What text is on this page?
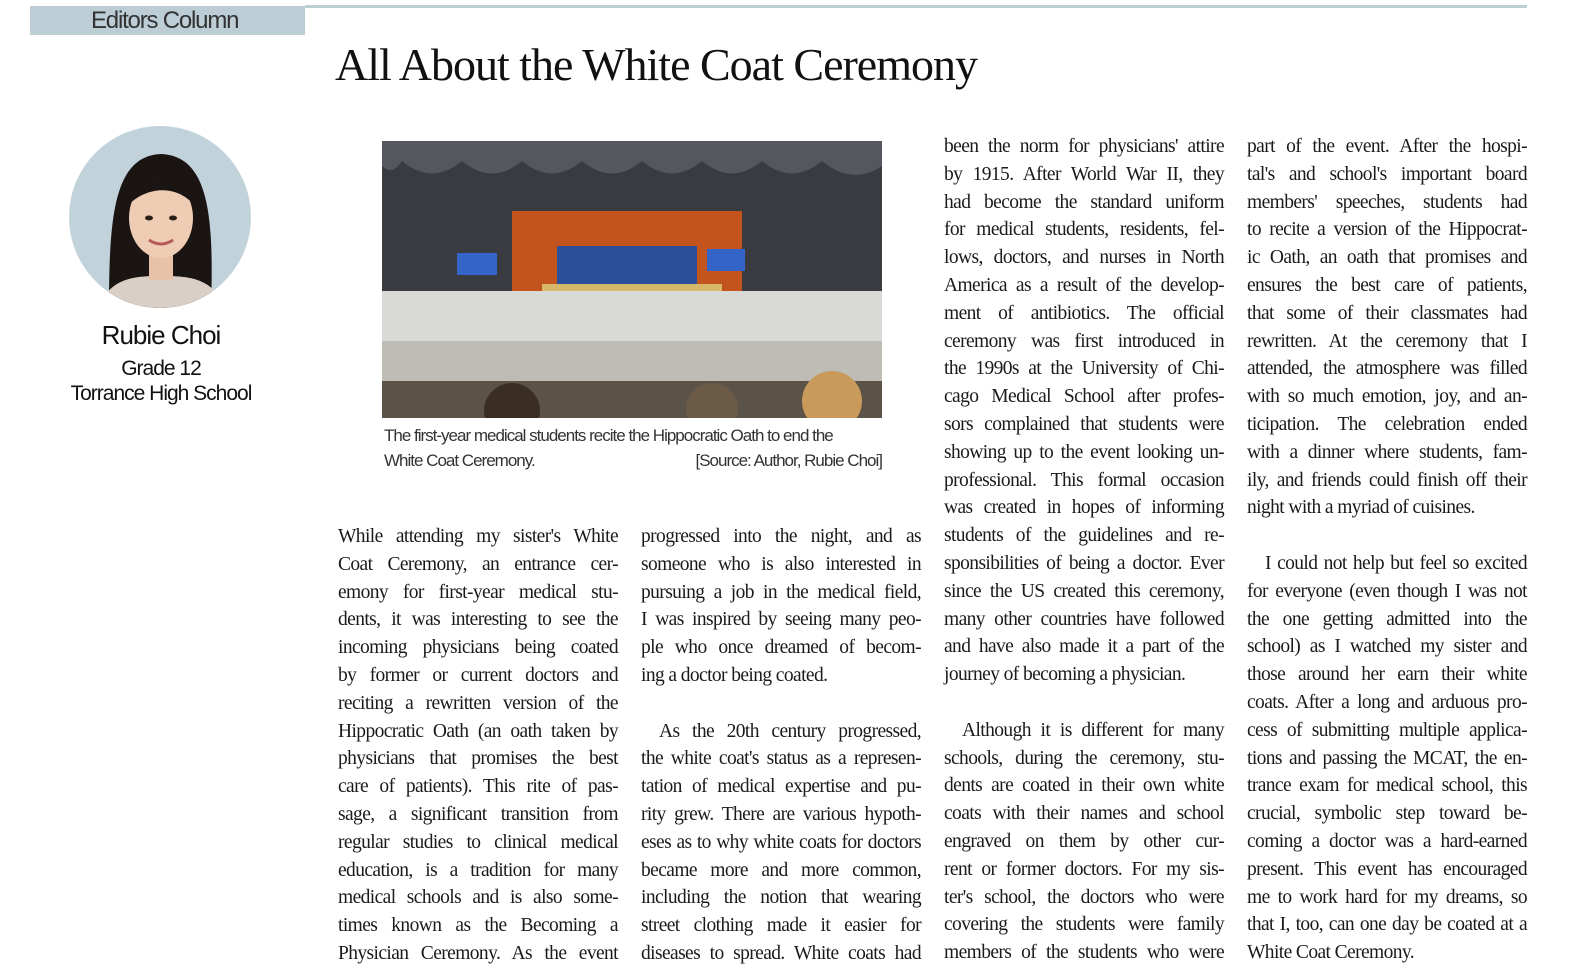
Editors Column
All About the White Coat Ceremony
Rubie Choi
Grade 12
Torrance High School
The first-year medical students recite the Hippocratic Oath to end the
White Coat Ceremony.	[Source: Author, Rubie Choi]
While attending my sister's White
Coat Ceremony, an entrance cer-
emony for first-year medical stu-
dents, it was interesting to see the
incoming physicians being coated
by former or current doctors and
reciting a rewritten version of the
Hippocratic Oath (an oath taken by
physicians that promises the best
care of patients). This rite of pas-
sage, a significant transition from
regular studies to clinical medical
education, is a tradition for many
medical schools and is also some-
times known as the Becoming a
Physician Ceremony. As the event
progressed into the night, and as
someone who is also interested in
pursuing a job in the medical field,
I was inspired by seeing many peo-
ple who once dreamed of becom-
ing a doctor being coated.
As the 20th century progressed,
the white coat's status as a represen-
tation of medical expertise and pu-
rity grew. There are various hypoth-
eses as to why white coats for doctors
became more and more common,
including the notion that wearing
street clothing made it easier for
diseases to spread. White coats had
been the norm for physicians' attire
by 1915. After World War II, they
had become the standard uniform
for medical students, residents, fel-
lows, doctors, and nurses in North
America as a result of the develop-
ment of antibiotics. The official
ceremony was first introduced in
the 1990s at the University of Chi-
cago Medical School after profes-
sors complained that students were
showing up to the event looking un-
professional. This formal occasion
was created in hopes of informing
students of the guidelines and re-
sponsibilities of being a doctor. Ever
since the US created this ceremony,
many other countries have followed
and have also made it a part of the
journey of becoming a physician.
Although it is different for many
schools, during the ceremony, stu-
dents are coated in their own white
coats with their names and school
engraved on them by other cur-
rent or former doctors. For my sis-
ter's school, the doctors who were
covering the students were family
members of the students who were
part of the event. After the hospi-
tal's and school's important board
members' speeches, students had
to recite a version of the Hippocrat-
ic Oath, an oath that promises and
ensures the best care of patients,
that some of their classmates had
rewritten. At the ceremony that I
attended, the atmosphere was filled
with so much emotion, joy, and an-
ticipation. The celebration ended
with a dinner where students, fam-
ily, and friends could finish off their
night with a myriad of cuisines.
I could not help but feel so excited
for everyone (even though I was not
the one getting admitted into the
school) as I watched my sister and
those around her earn their white
coats. After a long and arduous pro-
cess of submitting multiple applica-
tions and passing the MCAT, the en-
trance exam for medical school, this
crucial, symbolic step toward be-
coming a doctor was a hard-earned
present. This event has encouraged
me to work hard for my dreams, so
that I, too, can one day be coated at a
White Coat Ceremony.
